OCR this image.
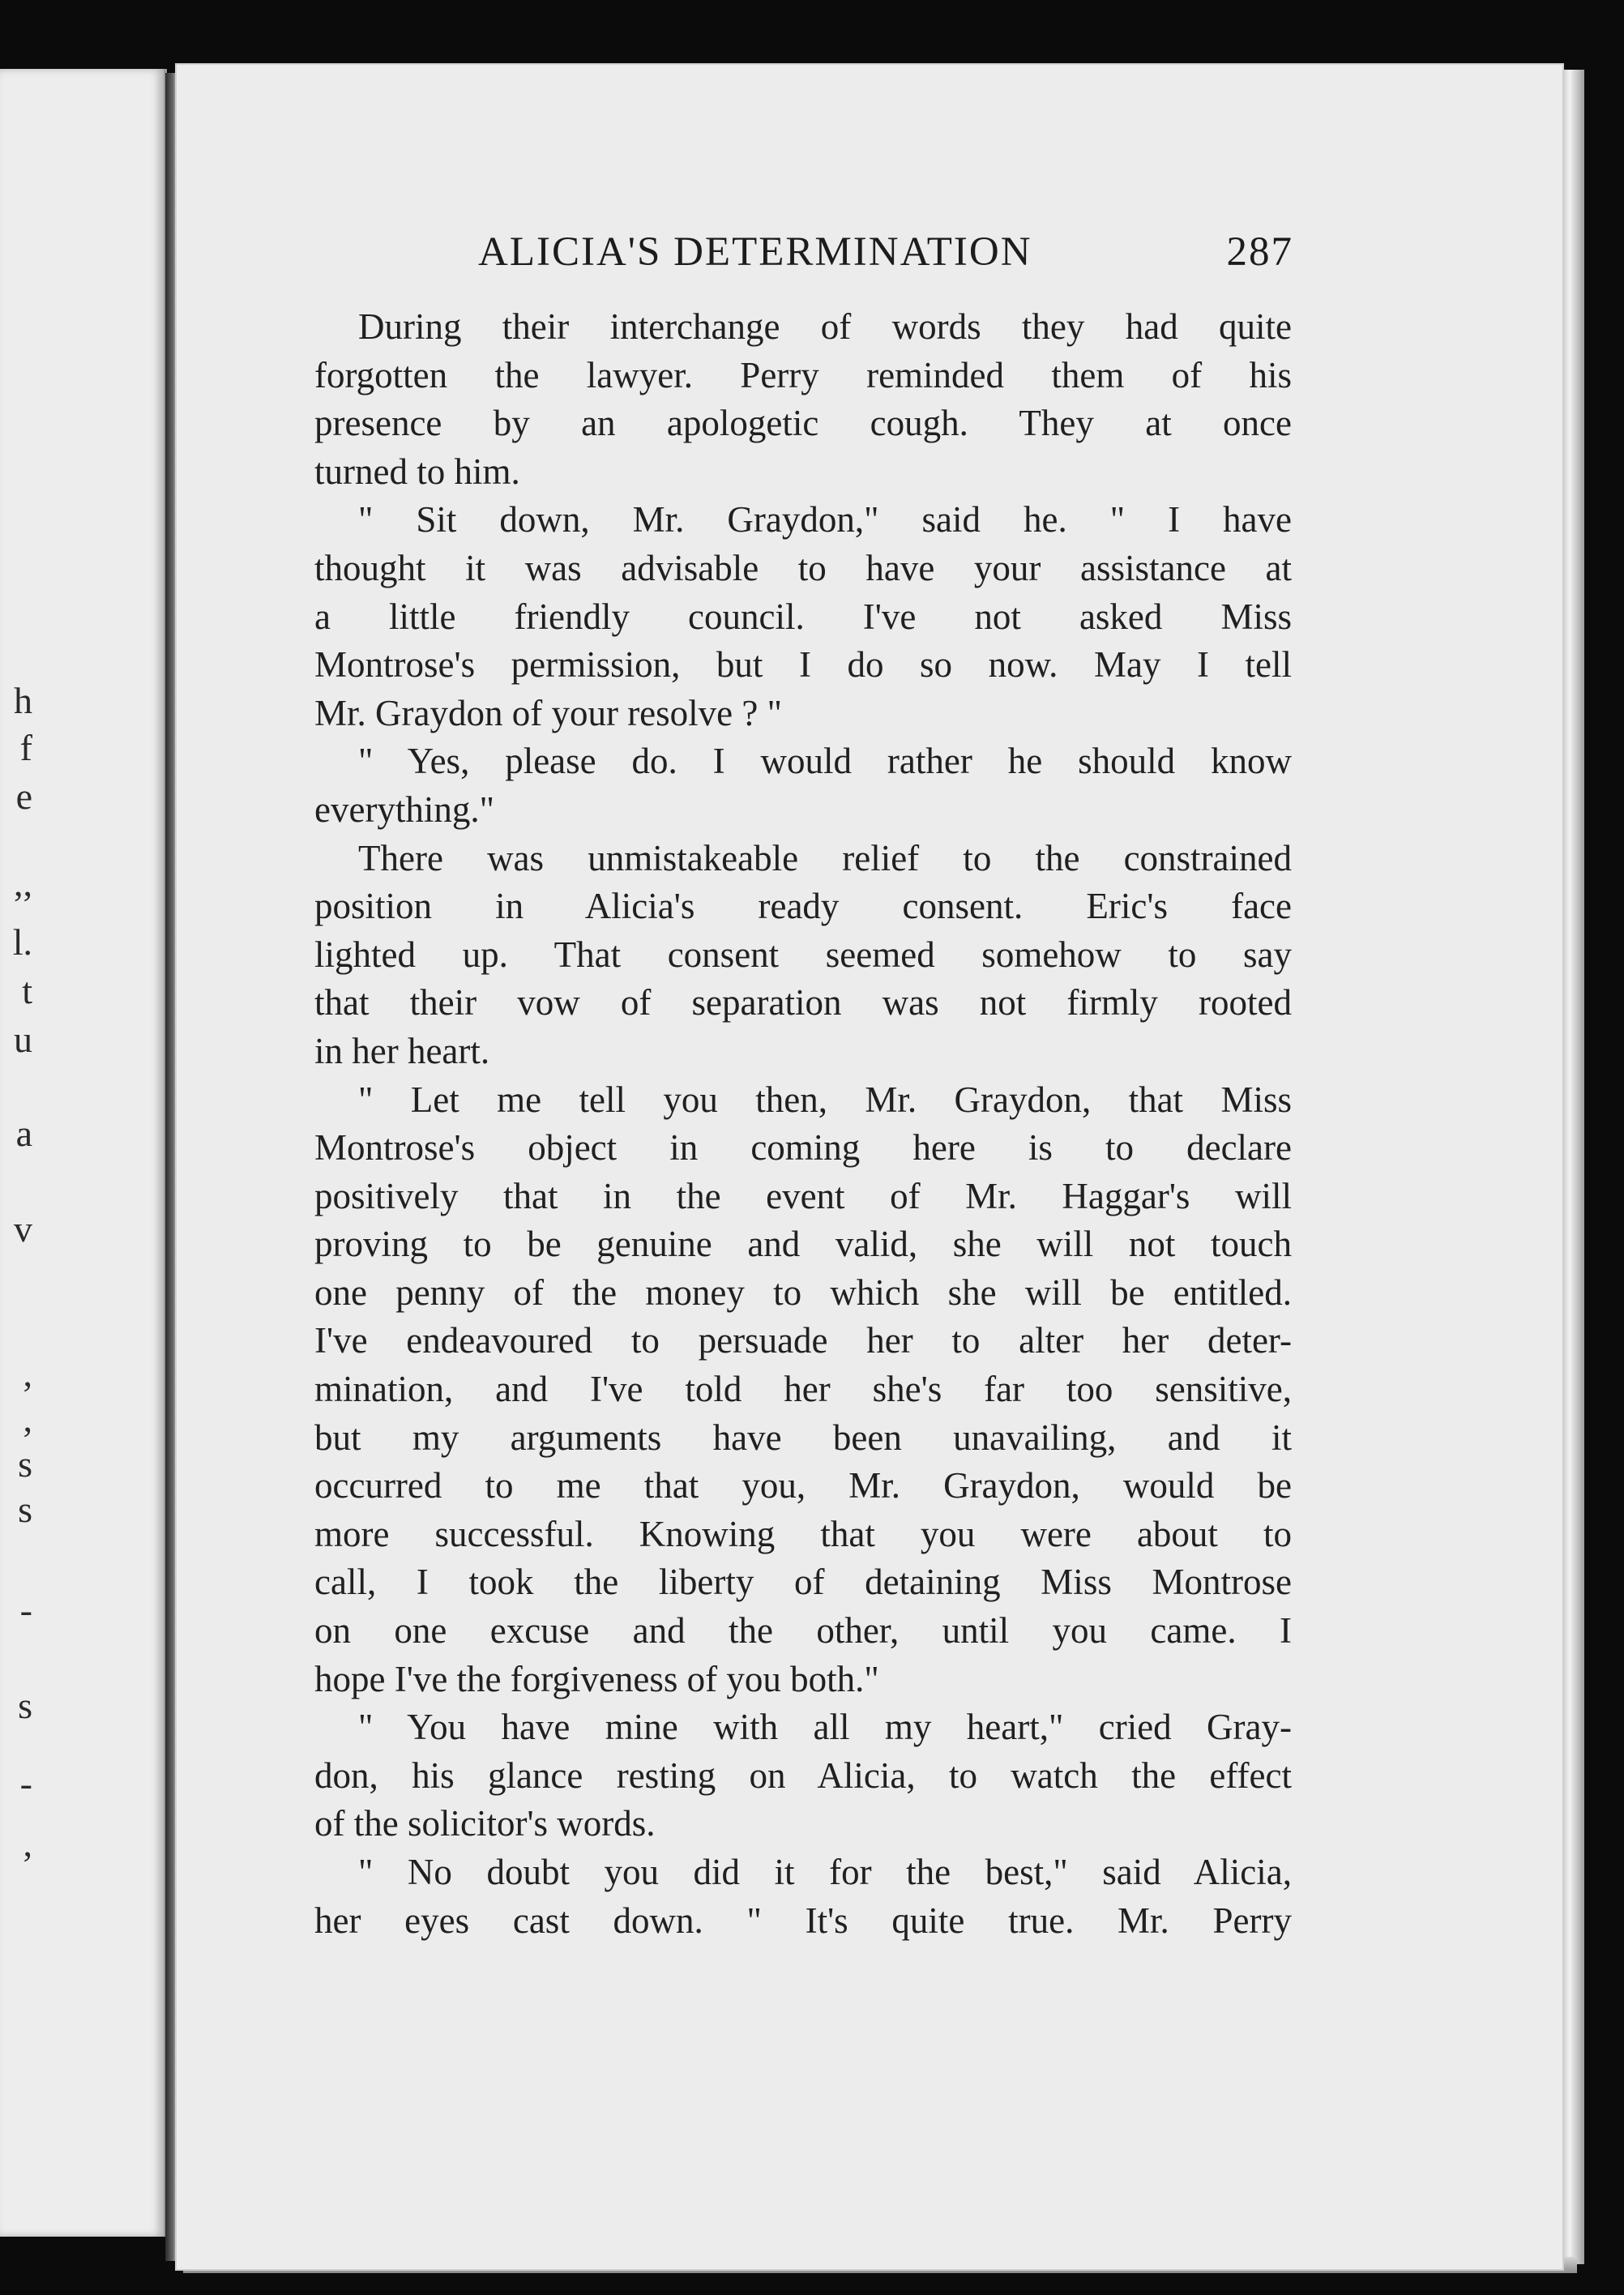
h
f
e
,,
l.
t
u
a
v
,
,
s
s
-
s
-
,
ALICIA'S DETERMINATION	287
During their interchange of words they had quite
forgotten the lawyer. Perry reminded them of his
presence by an apologetic cough. They at once
turned to him.
" Sit down, Mr. Graydon," said he. " I have
thought it was advisable to have your assistance at
a little friendly council. I've not asked Miss
Montrose's permission, but I do so now. May I tell
Mr. Graydon of your resolve ? "
" Yes, please do. I would rather he should know
everything."
There was unmistakeable relief to the constrained
position in Alicia's ready consent. Eric's face
lighted up. That consent seemed somehow to say
that their vow of separation was not firmly rooted
in her heart.
" Let me tell you then, Mr. Graydon, that Miss
Montrose's object in coming here is to declare
positively that in the event of Mr. Haggar's will
proving to be genuine and valid, she will not touch
one penny of the money to which she will be entitled.
I've endeavoured to persuade her to alter her deter-
mination, and I've told her she's far too sensitive,
but my arguments have been unavailing, and it
occurred to me that you, Mr. Graydon, would be
more successful. Knowing that you were about to
call, I took the liberty of detaining Miss Montrose
on one excuse and the other, until you came. I
hope I've the forgiveness of you both."
" You have mine with all my heart," cried Gray-
don, his glance resting on Alicia, to watch the effect
of the solicitor's words.
" No doubt you did it for the best," said Alicia,
her eyes cast down. " It's quite true. Mr. Perry
